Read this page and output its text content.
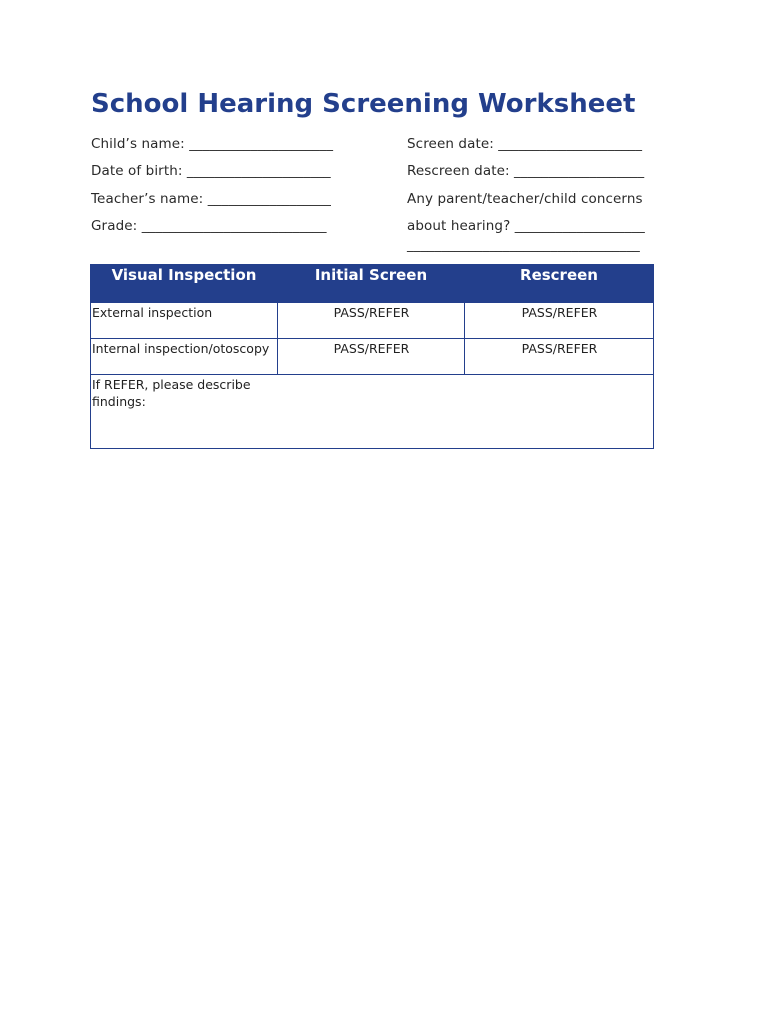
School Hearing Screening Worksheet
Child’s name: _____________________	Screen date: _____________________
Date of birth: _____________________	Rescreen date: ___________________
Teacher’s name: __________________	Any parent/teacher/child concerns
Grade: ___________________________	about hearing? ___________________
__________________________________
Visual Inspection	Initial Screen	Rescreen
External inspection	PASS/REFER	PASS/REFER
Internal inspection/otoscopy	PASS/REFER	PASS/REFER

If REFER, please describe findings:		
